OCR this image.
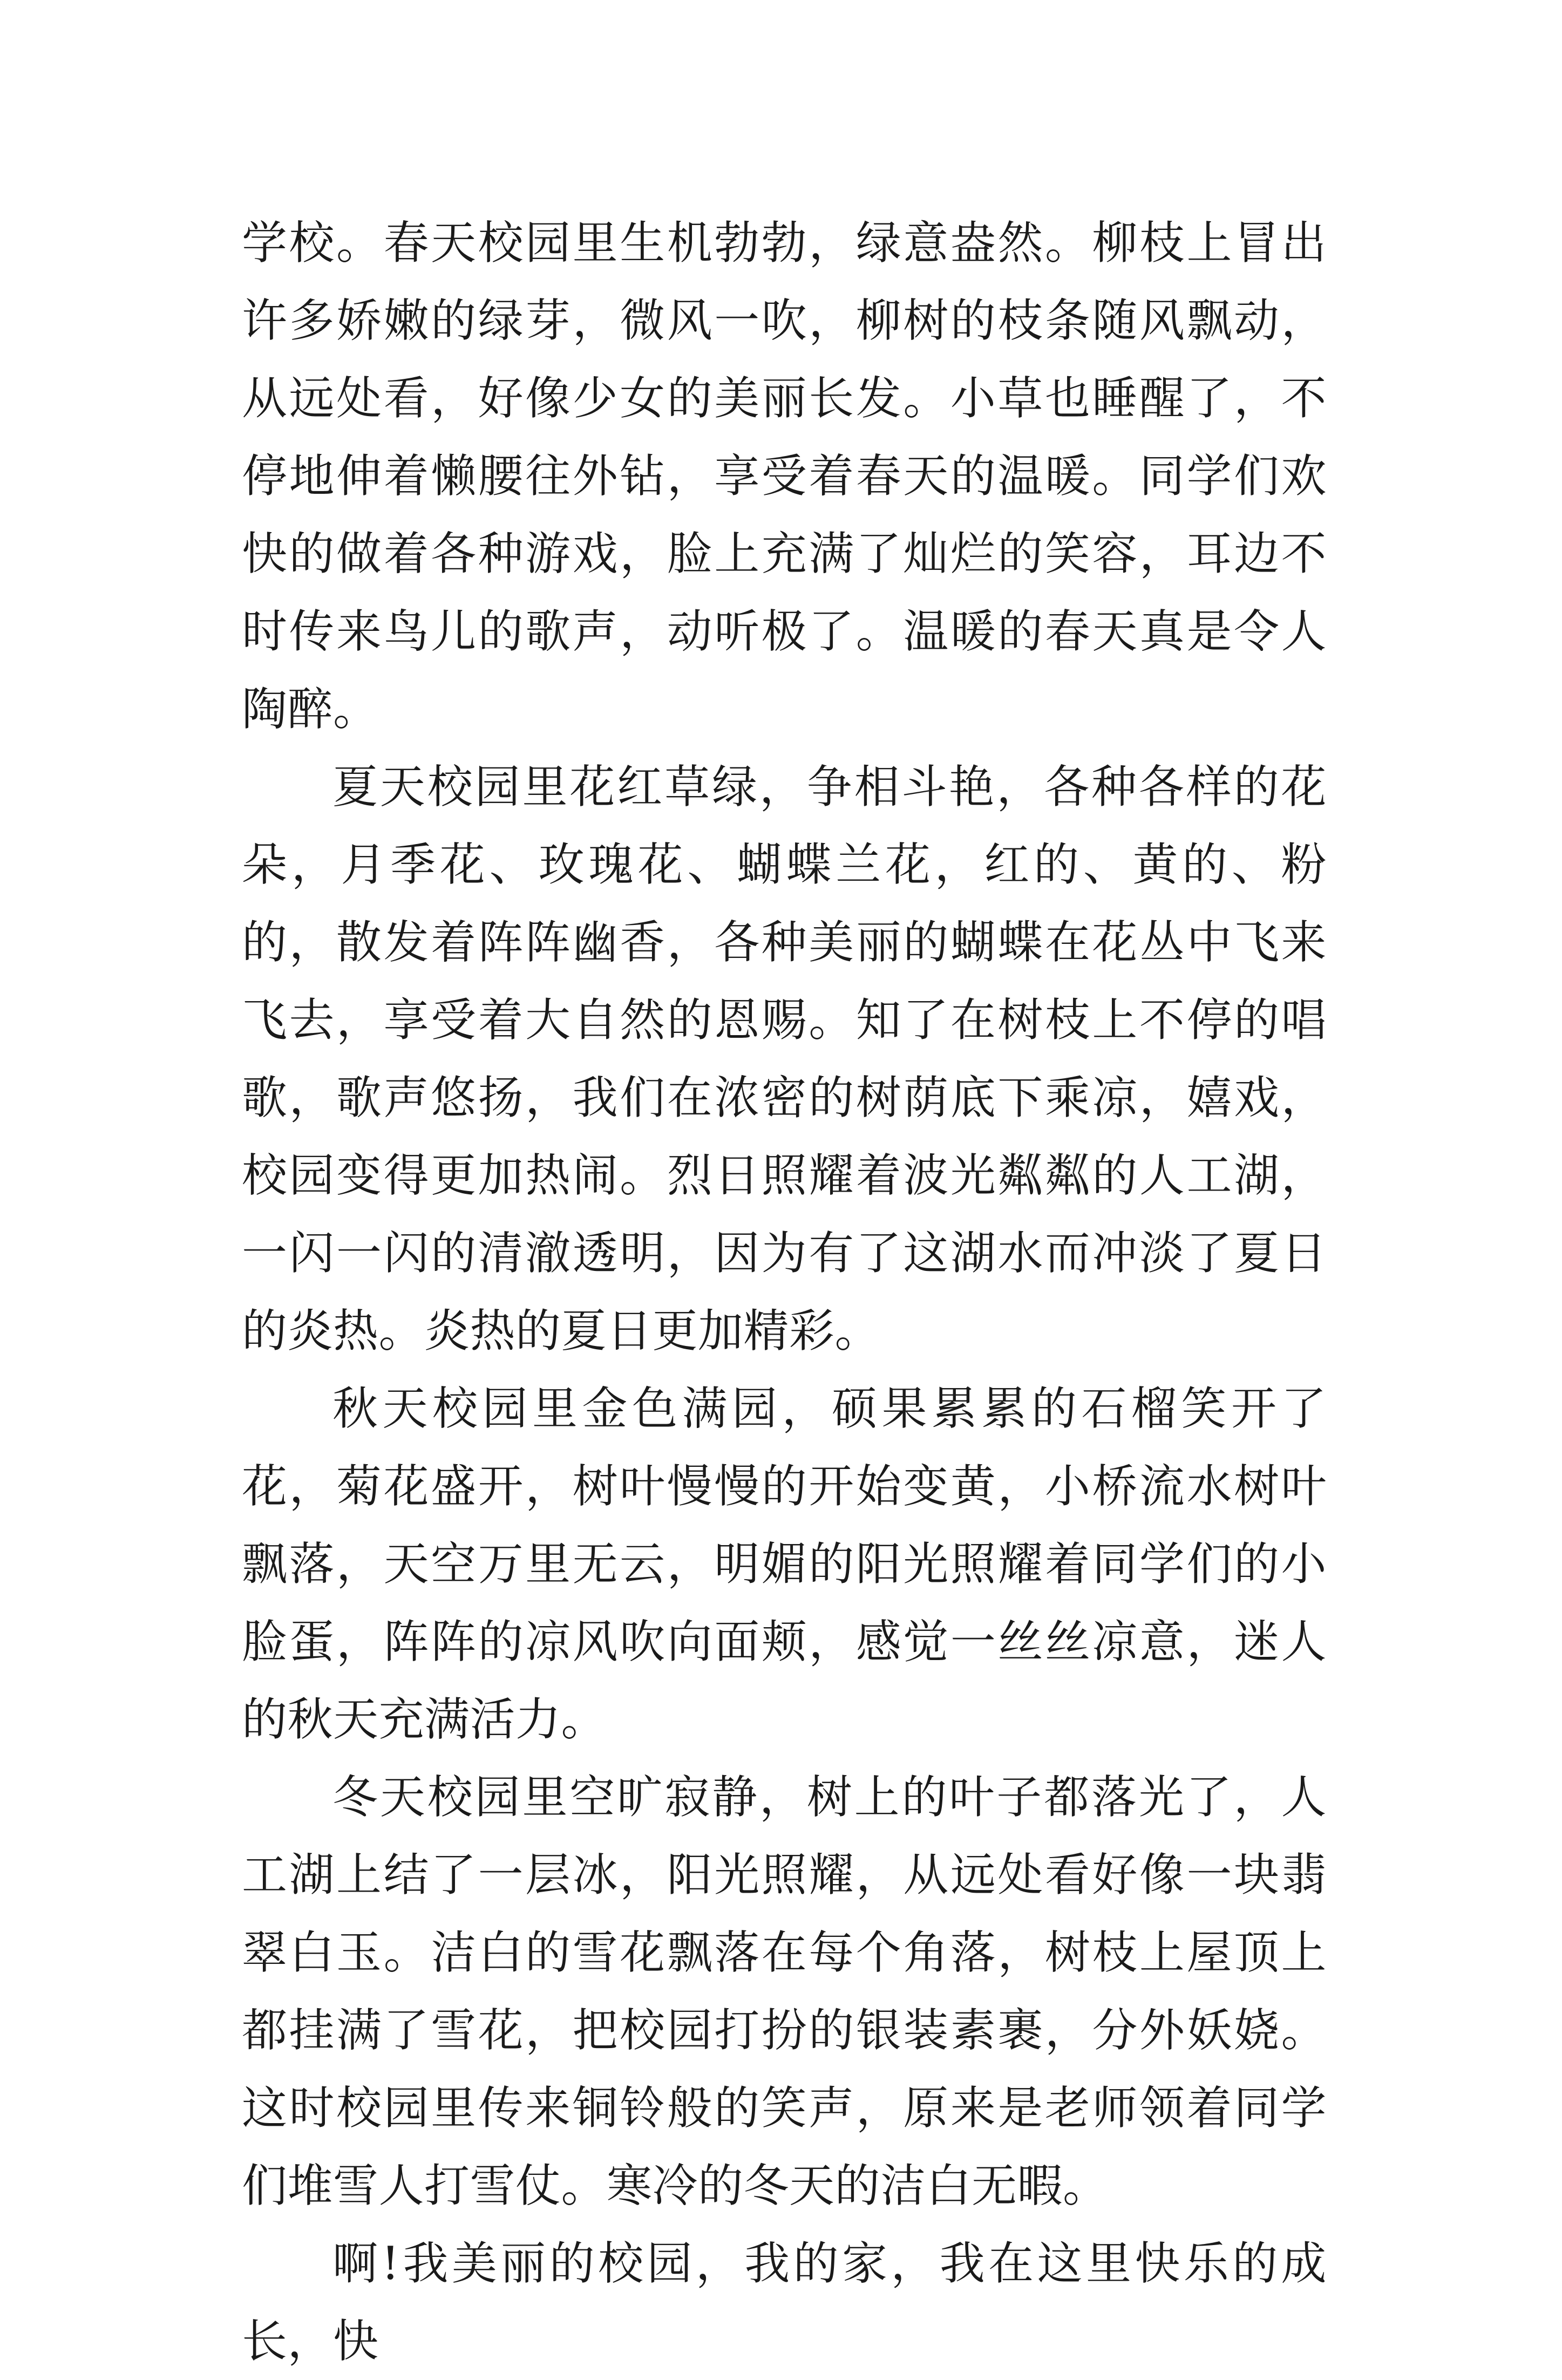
学校。春天校园里生机勃勃，绿意盎然。柳枝上冒出许多娇嫩的绿芽，微风一吹，柳树的枝条随风飘动，从远处看，好像少女的美丽长发。小草也睡醒了，不停地伸着懒腰往外钻，享受着春天的温暖。同学们欢快的做着各种游戏，脸上充满了灿烂的笑容，耳边不时传来鸟儿的歌声，动听极了。温暖的春天真是令人陶醉。

夏天校园里花红草绿，争相斗艳，各种各样的花朵，月季花、玫瑰花、蝴蝶兰花，红的、黄的、粉的，散发着阵阵幽香，各种美丽的蝴蝶在花丛中飞来飞去，享受着大自然的恩赐。知了在树枝上不停的唱歌，歌声悠扬，我们在浓密的树荫底下乘凉，嬉戏，校园变得更加热闹。烈日照耀着波光粼粼的人工湖，一闪一闪的清澈透明，因为有了这湖水而冲淡了夏日的炎热。炎热的夏日更加精彩。

秋天校园里金色满园，硕果累累的石榴笑开了花，菊花盛开，树叶慢慢的开始变黄，小桥流水树叶飘落，天空万里无云，明媚的阳光照耀着同学们的小脸蛋，阵阵的凉风吹向面颊，感觉一丝丝凉意，迷人的秋天充满活力。

冬天校园里空旷寂静，树上的叶子都落光了，人工湖上结了一层冰，阳光照耀，从远处看好像一块翡翠白玉。洁白的雪花飘落在每个角落，树枝上屋顶上都挂满了雪花，把校园打扮的银装素裹，分外妖娆。这时校园里传来铜铃般的笑声，原来是老师领着同学们堆雪人打雪仗。寒冷的冬天的洁白无暇。

啊!我美丽的校园，我的家，我在这里快乐的成长，快
